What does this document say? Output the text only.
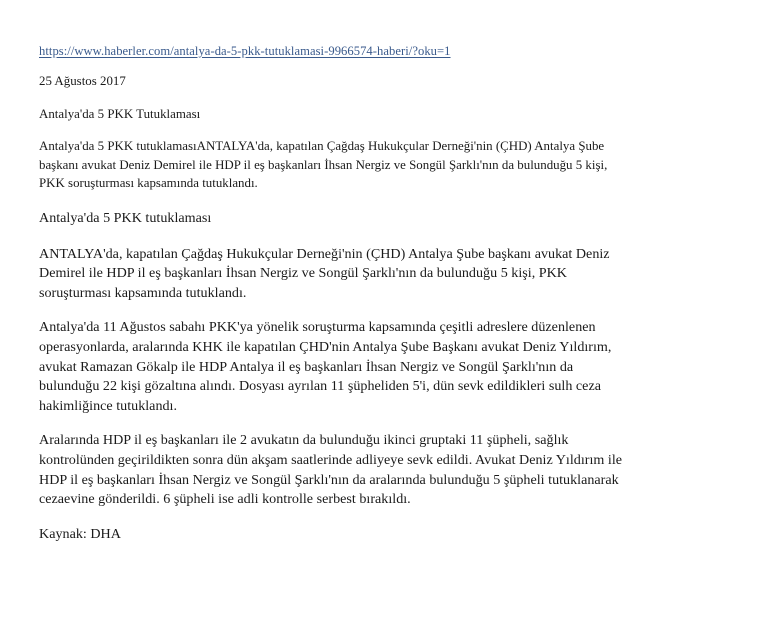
https://www.haberler.com/antalya-da-5-pkk-tutuklamasi-9966574-haberi/?oku=1

25 Ağustos 2017

Antalya'da 5 PKK Tutuklaması

Antalya'da 5 PKK tutuklamasıANTALYA'da, kapatılan Çağdaş Hukukçular Derneği'nin (ÇHD) Antalya Şube başkanı avukat Deniz Demirel ile HDP il eş başkanları İhsan Nergiz ve Songül Şarklı'nın da bulunduğu 5 kişi, PKK soruşturması kapsamında tutuklandı.

Antalya'da 5 PKK tutuklaması

ANTALYA'da, kapatılan Çağdaş Hukukçular Derneği'nin (ÇHD) Antalya Şube başkanı avukat Deniz Demirel ile HDP il eş başkanları İhsan Nergiz ve Songül Şarklı'nın da bulunduğu 5 kişi, PKK soruşturması kapsamında tutuklandı.

Antalya'da 11 Ağustos sabahı PKK'ya yönelik soruşturma kapsamında çeşitli adreslere düzenlenen operasyonlarda, aralarında KHK ile kapatılan ÇHD'nin Antalya Şube Başkanı avukat Deniz Yıldırım, avukat Ramazan Gökalp ile HDP Antalya il eş başkanları İhsan Nergiz ve Songül Şarklı'nın da bulunduğu 22 kişi gözaltına alındı. Dosyası ayrılan 11 şüpheliden 5'i, dün sevk edildikleri sulh ceza hakimliğince tutuklandı.

Aralarında HDP il eş başkanları ile 2 avukatın da bulunduğu ikinci gruptaki 11 şüpheli, sağlık kontrolünden geçirildikten sonra dün akşam saatlerinde adliyeye sevk edildi. Avukat Deniz Yıldırım ile HDP il eş başkanları İhsan Nergiz ve Songül Şarklı'nın da aralarında bulunduğu 5 şüpheli tutuklanarak cezaevine gönderildi. 6 şüpheli ise adli kontrolle serbest bırakıldı.

Kaynak: DHA
